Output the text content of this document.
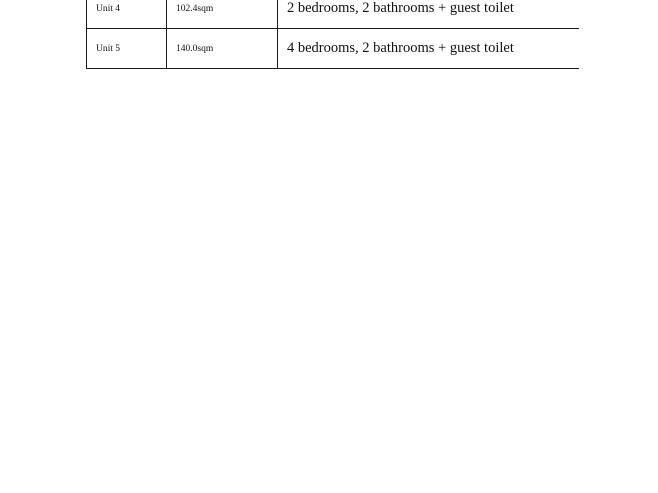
Unit 4	102.4sqm	2 bedrooms, 2 bathrooms + guest toilet
Unit 5	140.0sqm	4 bedrooms, 2 bathrooms + guest toilet
